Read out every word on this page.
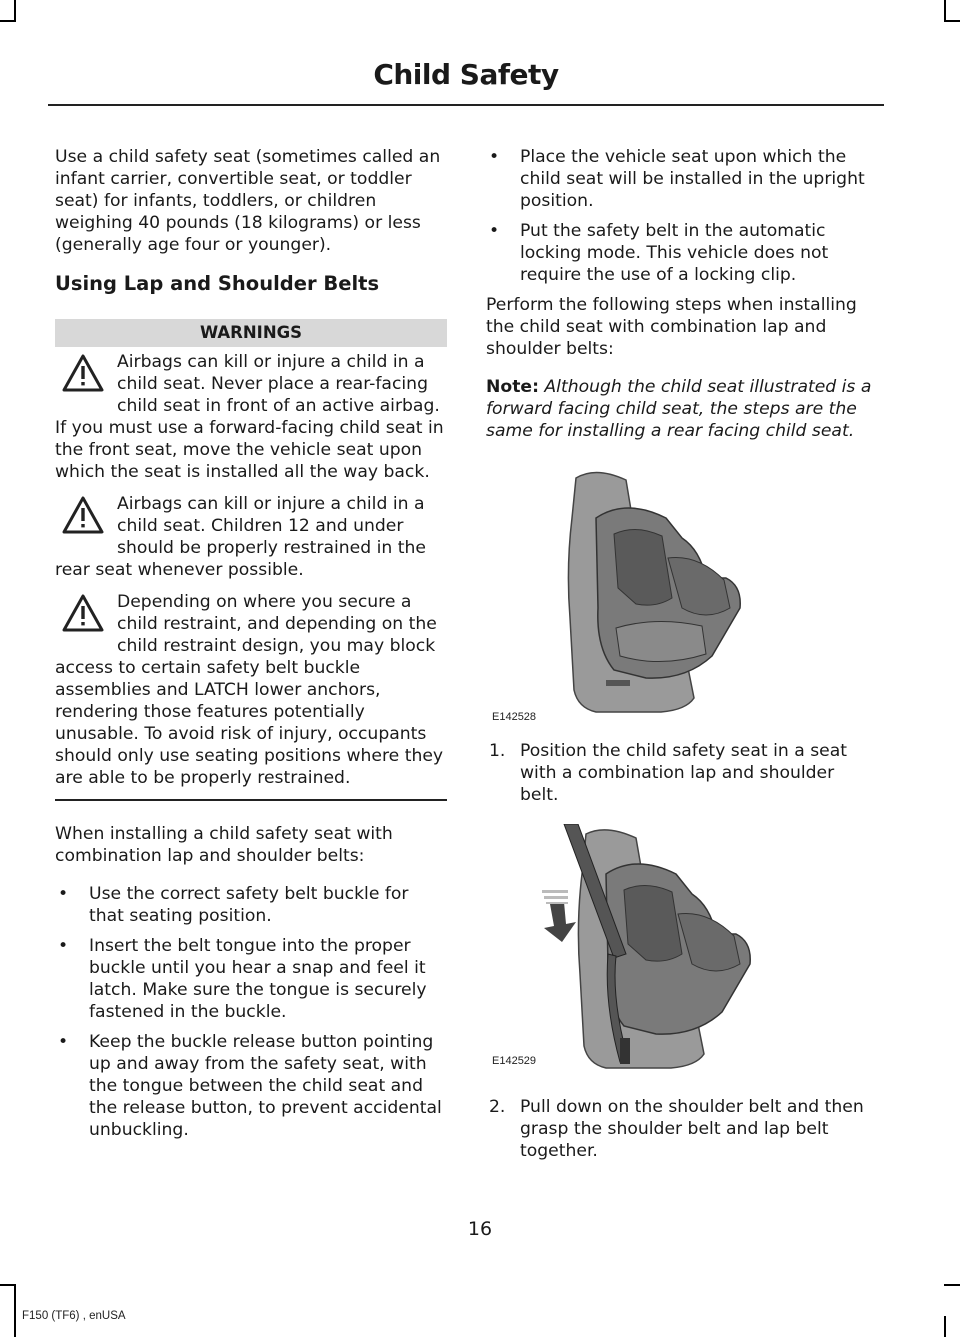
Child Safety

Use a child safety seat (sometimes called an infant carrier, convertible seat, or toddler seat) for infants, toddlers, or children weighing 40 pounds (18 kilograms) or less (generally age four or younger).

Using Lap and Shoulder Belts
WARNINGS

Airbags can kill or injure a child in a child seat. Never place a rear-facing child seat in front of an active airbag. If you must use a forward-facing child seat in the front seat, move the vehicle seat upon which the seat is installed all the way back.

Airbags can kill or injure a child in a child seat. Children 12 and under should be properly restrained in the rear seat whenever possible.

Depending on where you secure a child restraint, and depending on the child restraint design, you may block access to certain safety belt buckle assemblies and LATCH lower anchors, rendering those features potentially unusable. To avoid risk of injury, occupants should only use seating positions where they are able to be properly restrained.

When installing a child safety seat with combination lap and shoulder belts:

• Use the correct safety belt buckle for that seating position.
• Insert the belt tongue into the proper buckle until you hear a snap and feel it latch. Make sure the tongue is securely fastened in the buckle.
• Keep the buckle release button pointing up and away from the safety seat, with the tongue between the child seat and the release button, to prevent accidental unbuckling.
• Place the vehicle seat upon which the child seat will be installed in the upright position.
• Put the safety belt in the automatic locking mode. This vehicle does not require the use of a locking clip.

Perform the following steps when installing the child seat with combination lap and shoulder belts:

Note: Although the child seat illustrated is a forward facing child seat, the steps are the same for installing a rear facing child seat.

E142528
1. Position the child safety seat in a seat with a combination lap and shoulder belt.
E142529
2. Pull down on the shoulder belt and then grasp the shoulder belt and lap belt together.
16
F150 (TF6) , enUSA
